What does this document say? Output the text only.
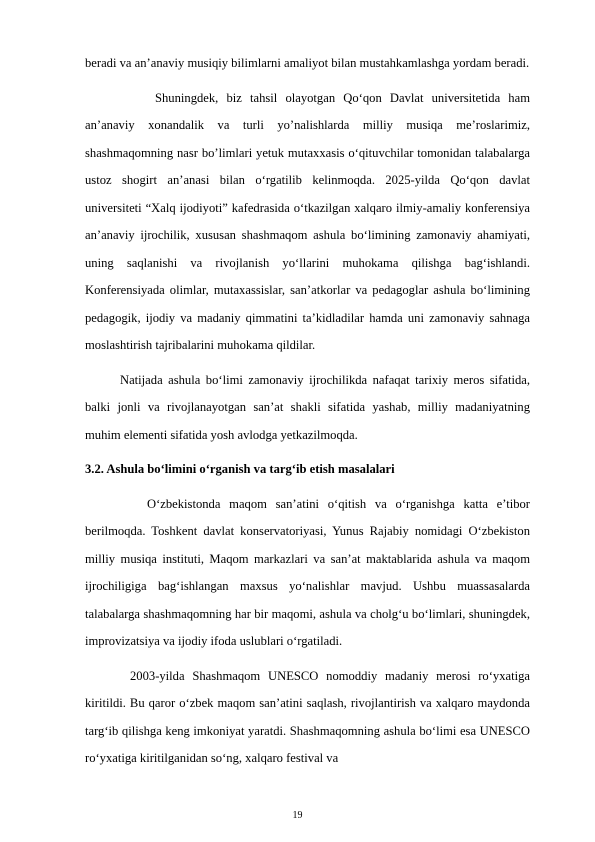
beradi va an’anaviy musiqiy bilimlarni amaliyot bilan mustahkamlashga yordam beradi.

Shuningdek, biz tahsil olayotgan Qo‘qon Davlat universitetida ham an’anaviy xonandalik va turli yo’nalishlarda milliy musiqa me’roslarimiz, shashmaqomning nasr bo’limlari yetuk mutaxxasis o‘qituvchilar tomonidan talabalarga ustoz shogirt an’anasi bilan o‘rgatilib kelinmoqda. 2025-yilda Qo‘qon davlat universiteti “Xalq ijodiyoti” kafedrasida o‘tkazilgan xalqaro ilmiy-amaliy konferensiya an’anaviy ijrochilik, xususan shashmaqom ashula bo‘limining zamonaviy ahamiyati, uning saqlanishi va rivojlanish yo‘llarini muhokama qilishga bag‘ishlandi. Konferensiyada olimlar, mutaxassislar, san’atkorlar va pedagoglar ashula bo‘limining pedagogik, ijodiy va madaniy qimmatini ta’kidladilar hamda uni zamonaviy sahnaga moslashtirish tajribalarini muhokama qildilar.

Natijada ashula bo‘limi zamonaviy ijrochilikda nafaqat tarixiy meros sifatida, balki jonli va rivojlanayotgan san’at shakli sifatida yashab, milliy madaniyatning muhim elementi sifatida yosh avlodga yetkazilmoqda.

3.2. Ashula bo‘limini o‘rganish va targ‘ib etish masalalari

O‘zbekistonda maqom san’atini o‘qitish va o‘rganishga katta e’tibor berilmoqda. Toshkent davlat konservatoriyasi, Yunus Rajabiy nomidagi O‘zbekiston milliy musiqa instituti, Maqom markazlari va san’at maktablarida ashula va maqom ijrochiligiga bag‘ishlangan maxsus yo‘nalishlar mavjud. Ushbu muassasalarda talabalarga shashmaqomning har bir maqomi, ashula va cholg‘u bo‘limlari, shuningdek, improvizatsiya va ijodiy ifoda uslublari o‘rgatiladi.

2003-yilda Shashmaqom UNESCO nomoddiy madaniy merosi ro‘yxatiga kiritildi. Bu qaror o‘zbek maqom san’atini saqlash, rivojlantirish va xalqaro maydonda targ‘ib qilishga keng imkoniyat yaratdi. Shashmaqomning ashula bo‘limi esa UNESCO ro‘yxatiga kiritilganidan so‘ng, xalqaro festival va

19
